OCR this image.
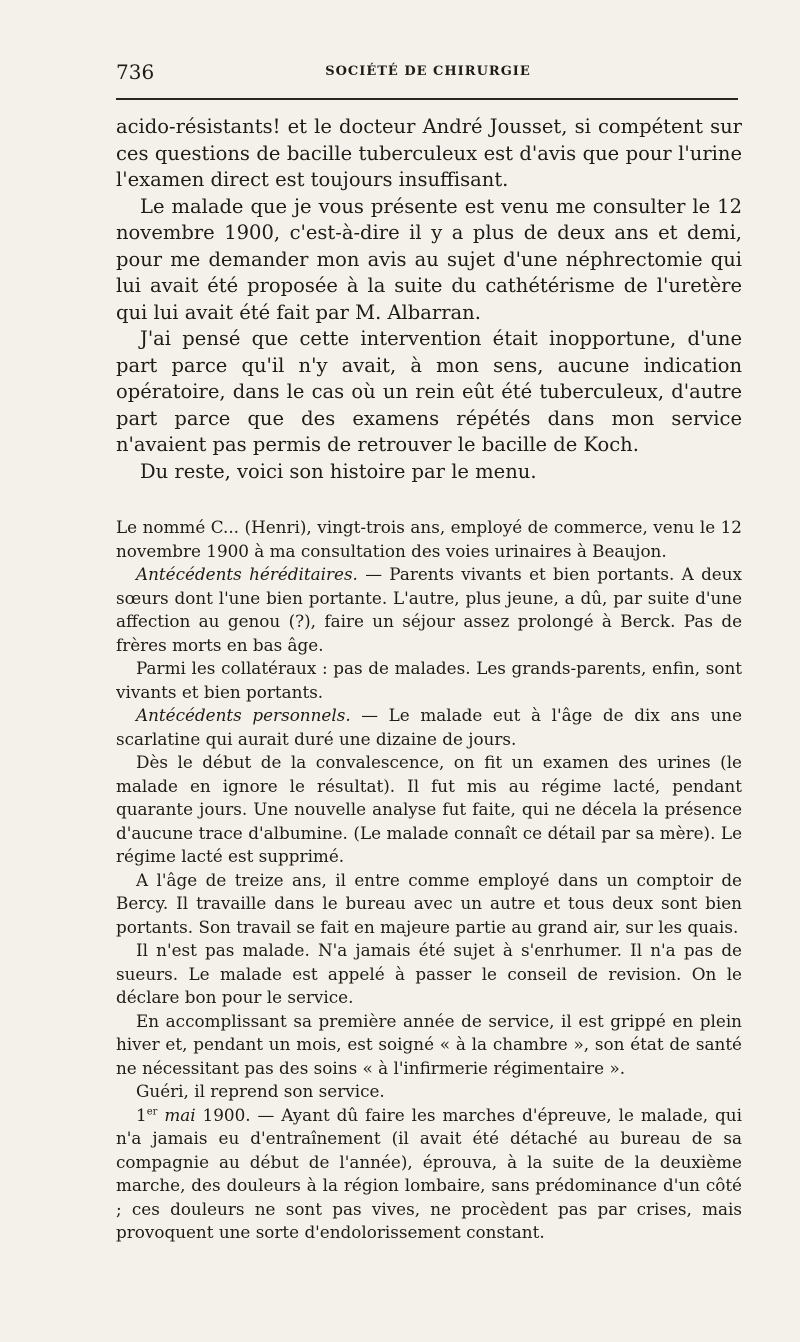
736	SOCIÉTÉ DE CHIRURGIE

acido-résistants! et le docteur André Jousset, si compétent sur ces questions de bacille tuberculeux est d'avis que pour l'urine l'examen direct est toujours insuffisant.

Le malade que je vous présente est venu me consulter le 12 novembre 1900, c'est-à-dire il y a plus de deux ans et demi, pour me demander mon avis au sujet d'une néphrectomie qui lui avait été proposée à la suite du cathétérisme de l'uretère qui lui avait été fait par M. Albarran.

J'ai pensé que cette intervention était inopportune, d'une part parce qu'il n'y avait, à mon sens, aucune indication opératoire, dans le cas où un rein eût été tuberculeux, d'autre part parce que des examens répétés dans mon service n'avaient pas permis de retrouver le bacille de Koch.

Du reste, voici son histoire par le menu.

Le nommé C... (Henri), vingt-trois ans, employé de commerce, venu le 12 novembre 1900 à ma consultation des voies urinaires à Beaujon.

Antécédents héréditaires. — Parents vivants et bien portants. A deux sœurs dont l'une bien portante. L'autre, plus jeune, a dû, par suite d'une affection au genou (?), faire un séjour assez prolongé à Berck. Pas de frères morts en bas âge.

Parmi les collatéraux : pas de malades. Les grands-parents, enfin, sont vivants et bien portants.

Antécédents personnels. — Le malade eut à l'âge de dix ans une scarlatine qui aurait duré une dizaine de jours.

Dès le début de la convalescence, on fit un examen des urines (le malade en ignore le résultat). Il fut mis au régime lacté, pendant quarante jours. Une nouvelle analyse fut faite, qui ne décela la présence d'aucune trace d'albumine. (Le malade connaît ce détail par sa mère). Le régime lacté est supprimé.

A l'âge de treize ans, il entre comme employé dans un comptoir de Bercy. Il travaille dans le bureau avec un autre et tous deux sont bien portants. Son travail se fait en majeure partie au grand air, sur les quais.

Il n'est pas malade. N'a jamais été sujet à s'enrhumer. Il n'a pas de sueurs. Le malade est appelé à passer le conseil de revision. On le déclare bon pour le service.

En accomplissant sa première année de service, il est grippé en plein hiver et, pendant un mois, est soigné « à la chambre », son état de santé ne nécessitant pas des soins « à l'infirmerie régimentaire ».

Guéri, il reprend son service.

1er mai 1900. — Ayant dû faire les marches d'épreuve, le malade, qui n'a jamais eu d'entraînement (il avait été détaché au bureau de sa compagnie au début de l'année), éprouva, à la suite de la deuxième marche, des douleurs à la région lombaire, sans prédominance d'un côté ; ces douleurs ne sont pas vives, ne procèdent pas par crises, mais provoquent une sorte d'endolorissement constant.
